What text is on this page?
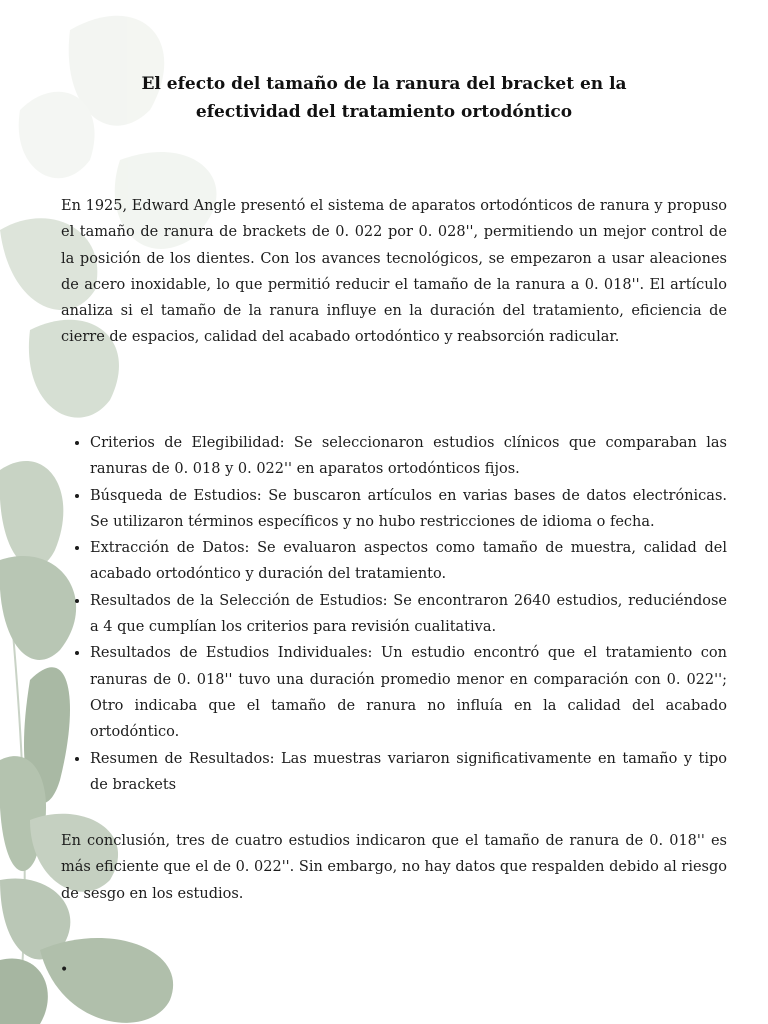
El efecto del tamaño de la ranura del bracket en la efectividad del tratamiento ortodóntico

En 1925, Edward Angle presentó el sistema de aparatos ortodónticos de ranura y propuso el tamaño de ranura de brackets de 0. 022 por 0. 028'', permitiendo un mejor control de la posición de los dientes. Con los avances tecnológicos, se empezaron a usar aleaciones de acero inoxidable, lo que permitió reducir el tamaño de la ranura a 0. 018''. El artículo analiza si el tamaño de la ranura influye en la duración del tratamiento, eficiencia de cierre de espacios, calidad del acabado ortodóntico y reabsorción radicular.

• Criterios de Elegibilidad: Se seleccionaron estudios clínicos que comparaban las ranuras de 0. 018 y 0. 022'' en aparatos ortodónticos fijos.
• Búsqueda de Estudios: Se buscaron artículos en varias bases de datos electrónicas. Se utilizaron términos específicos y no hubo restricciones de idioma o fecha.
• Extracción de Datos: Se evaluaron aspectos como tamaño de muestra, calidad del acabado ortodóntico y duración del tratamiento.
• Resultados de la Selección de Estudios: Se encontraron 2640 estudios, reduciéndose a 4 que cumplían los criterios para revisión cualitativa.
• Resultados de Estudios Individuales: Un estudio encontró que el tratamiento con ranuras de 0. 018'' tuvo una duración promedio menor en comparación con 0. 022''; Otro indicaba que el tamaño de ranura no influía en la calidad del acabado ortodóntico.
• Resumen de Resultados: Las muestras variaron significativamente en tamaño y tipo de brackets

En conclusión, tres de cuatro estudios indicaron que el tamaño de ranura de 0. 018'' es más eficiente que el de 0. 022''. Sin embargo, no hay datos que respalden debido al riesgo de sesgo en los estudios.

•
